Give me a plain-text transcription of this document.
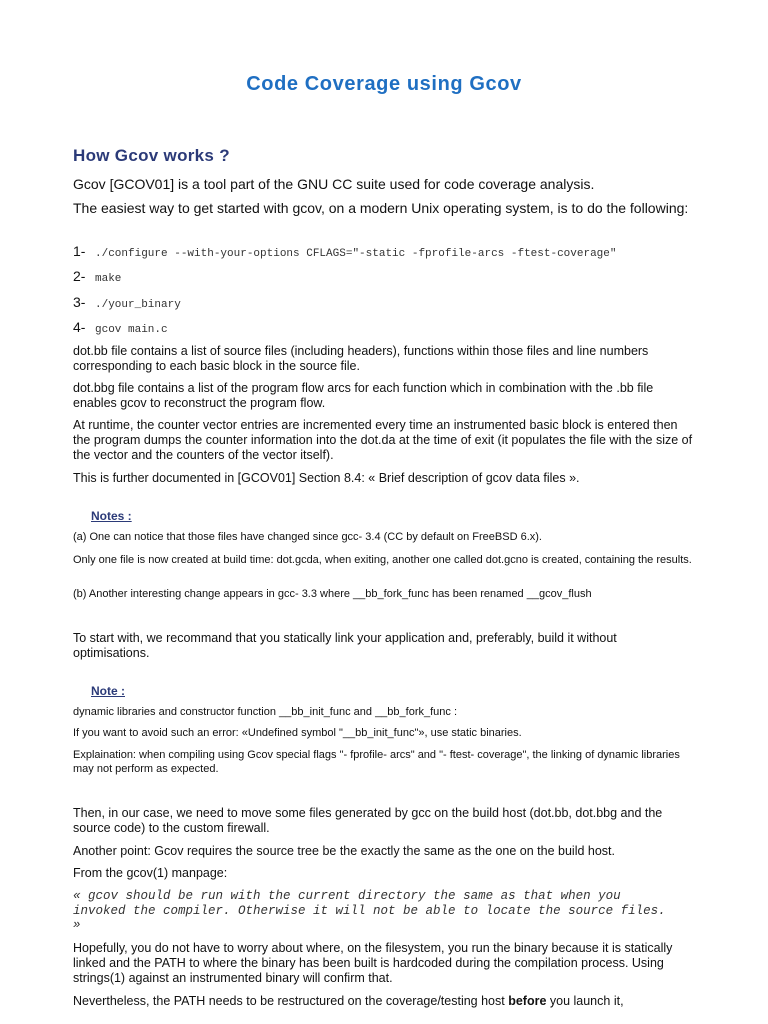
Code Coverage using Gcov
How Gcov works ?

Gcov [GCOV01] is a tool part of the GNU CC suite used for code coverage analysis.

The easiest way to get started with gcov, on a modern Unix operating system, is to do the following:

1- ./configure --with-your-options CFLAGS="-static -fprofile-arcs -ftest-coverage"
2- make
3- ./your_binary
4- gcov main.c

dot.bb file contains a list of source files (including headers), functions within those files and line numbers corresponding to each basic block in the source file.

dot.bbg file contains a list of the program flow arcs for each function which in combination with the .bb file enables gcov to reconstruct the program flow.

At runtime, the counter vector entries are incremented every time an instrumented basic block is entered then the program dumps the counter information into the dot.da at the time of exit (it populates the file with the size of the vector and the counters of the vector itself).

This is further documented in [GCOV01] Section 8.4: « Brief description of gcov data files ».

Notes :

(a) One can notice that those files have changed since gcc- 3.4 (CC by default on FreeBSD 6.x).

Only one file is now created at build time: dot.gcda, when exiting, another one called dot.gcno is created, containing the results.

(b) Another interesting change appears in gcc- 3.3 where __bb_fork_func has been renamed __gcov_flush

To start with, we recommand that you statically link your application and, preferably, build it without optimisations.

Note :

dynamic libraries and constructor function __bb_init_func and __bb_fork_func :

If you want to avoid such an error: «Undefined symbol "__bb_init_func"», use static binaries.

Explaination: when compiling using Gcov special flags "- fprofile- arcs" and "- ftest- coverage", the linking of dynamic libraries may not perform as expected.

Then, in our case, we need to move some files generated by gcc on the build host (dot.bb, dot.bbg and the source code) to the custom firewall.

Another point: Gcov requires the source tree be the exactly the same as the one on the build host.

From the gcov(1) manpage:

« gcov should be run with the current directory the same as that when you invoked the compiler. Otherwise it will not be able to locate the source files. »

Hopefully, you do not have to worry about where, on the filesystem, you run the binary because it is statically linked and the PATH to where the binary has been built is hardcoded during the compilation process. Using strings(1) against an instrumented binary will confirm that.

Nevertheless, the PATH needs to be restructured on the coverage/testing host before you launch it,
